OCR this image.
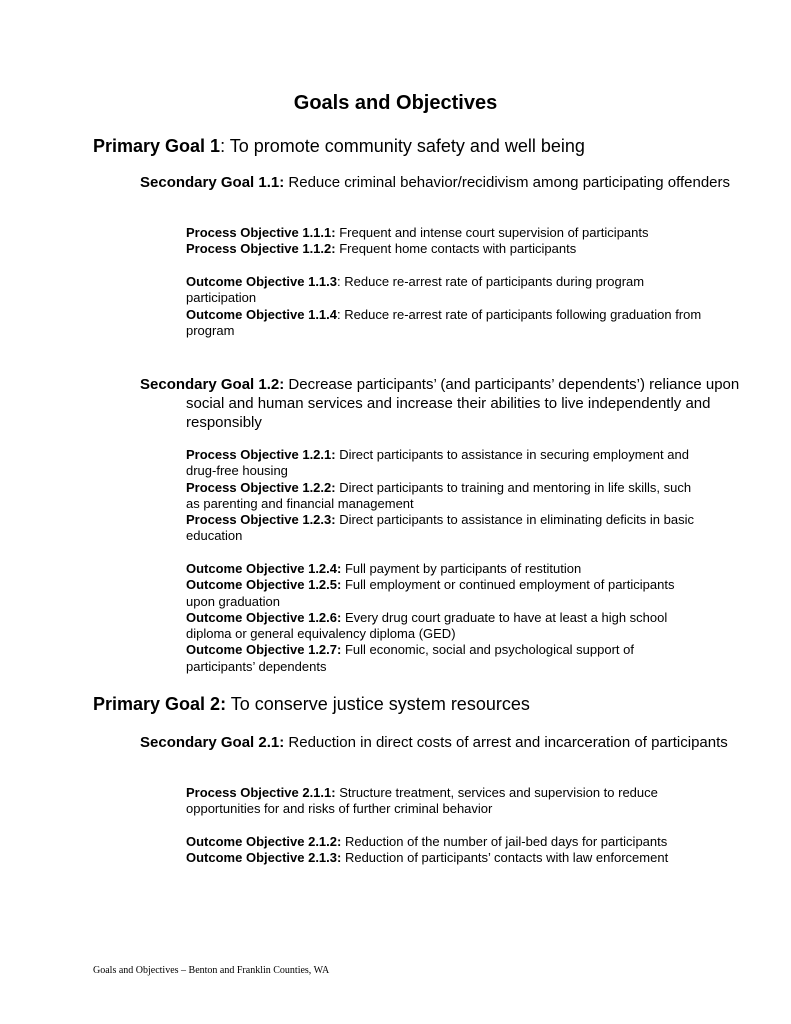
Goals and Objectives
Primary Goal 1: To promote community safety and well being
Secondary Goal 1.1: Reduce criminal behavior/recidivism among participating offenders

Process Objective 1.1.1: Frequent and intense court supervision of participants

Process Objective 1.1.2: Frequent home contacts with participants

Outcome Objective 1.1.3: Reduce re-arrest rate of participants during program participation

Outcome Objective 1.1.4: Reduce re-arrest rate of participants following graduation from program

Secondary Goal 1.2: Decrease participants’ (and participants’ dependents’) reliance upon social and human services and increase their abilities to live independently and responsibly

Process Objective 1.2.1: Direct participants to assistance in securing employment and drug-free housing

Process Objective 1.2.2: Direct participants to training and mentoring in life skills, such as parenting and financial management

Process Objective 1.2.3: Direct participants to assistance in eliminating deficits in basic education

Outcome Objective 1.2.4: Full payment by participants of restitution

Outcome Objective 1.2.5: Full employment or continued employment of participants upon graduation

Outcome Objective 1.2.6: Every drug court graduate to have at least a high school diploma or general equivalency diploma (GED)

Outcome Objective 1.2.7: Full economic, social and psychological support of participants’ dependents

Primary Goal 2: To conserve justice system resources
Secondary Goal 2.1: Reduction in direct costs of arrest and incarceration of participants

Process Objective 2.1.1: Structure treatment, services and supervision to reduce opportunities for and risks of further criminal behavior

Outcome Objective 2.1.2: Reduction of the number of jail-bed days for participants

Outcome Objective 2.1.3: Reduction of participants’ contacts with law enforcement

Goals and Objectives – Benton and Franklin Counties, WA
